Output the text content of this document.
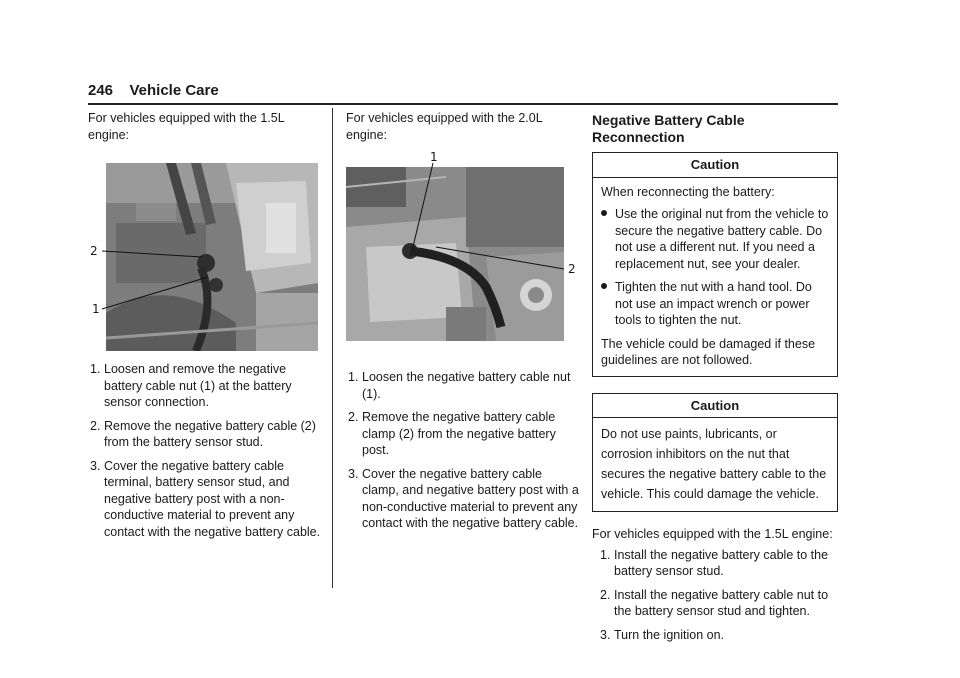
246 Vehicle Care

For vehicles equipped with the 1.5L engine:

2
1
1. Loosen and remove the negative battery cable nut (1) at the battery sensor connection.
2. Remove the negative battery cable (2) from the battery sensor stud.
3. Cover the negative battery cable terminal, battery sensor stud, and negative battery post with a non-conductive material to prevent any contact with the negative battery cable.

For vehicles equipped with the 2.0L engine:

1
2
1. Loosen the negative battery cable nut (1).
2. Remove the negative battery cable clamp (2) from the negative battery post.
3. Cover the negative battery cable clamp, and negative battery post with a non-conductive material to prevent any contact with the negative battery cable.
Negative Battery Cable Reconnection
Caution

When reconnecting the battery:

Use the original nut from the vehicle to secure the negative battery cable. Do not use a different nut. If you need a replacement nut, see your dealer.
Tighten the nut with a hand tool. Do not use an impact wrench or power tools to tighten the nut.

The vehicle could be damaged if these guidelines are not followed.

Caution

Do not use paints, lubricants, or corrosion inhibitors on the nut that secures the negative battery cable to the vehicle. This could damage the vehicle.

For vehicles equipped with the 1.5L engine:

1. Install the negative battery cable to the battery sensor stud.
2. Install the negative battery cable nut to the battery sensor stud and tighten.
3. Turn the ignition on.
